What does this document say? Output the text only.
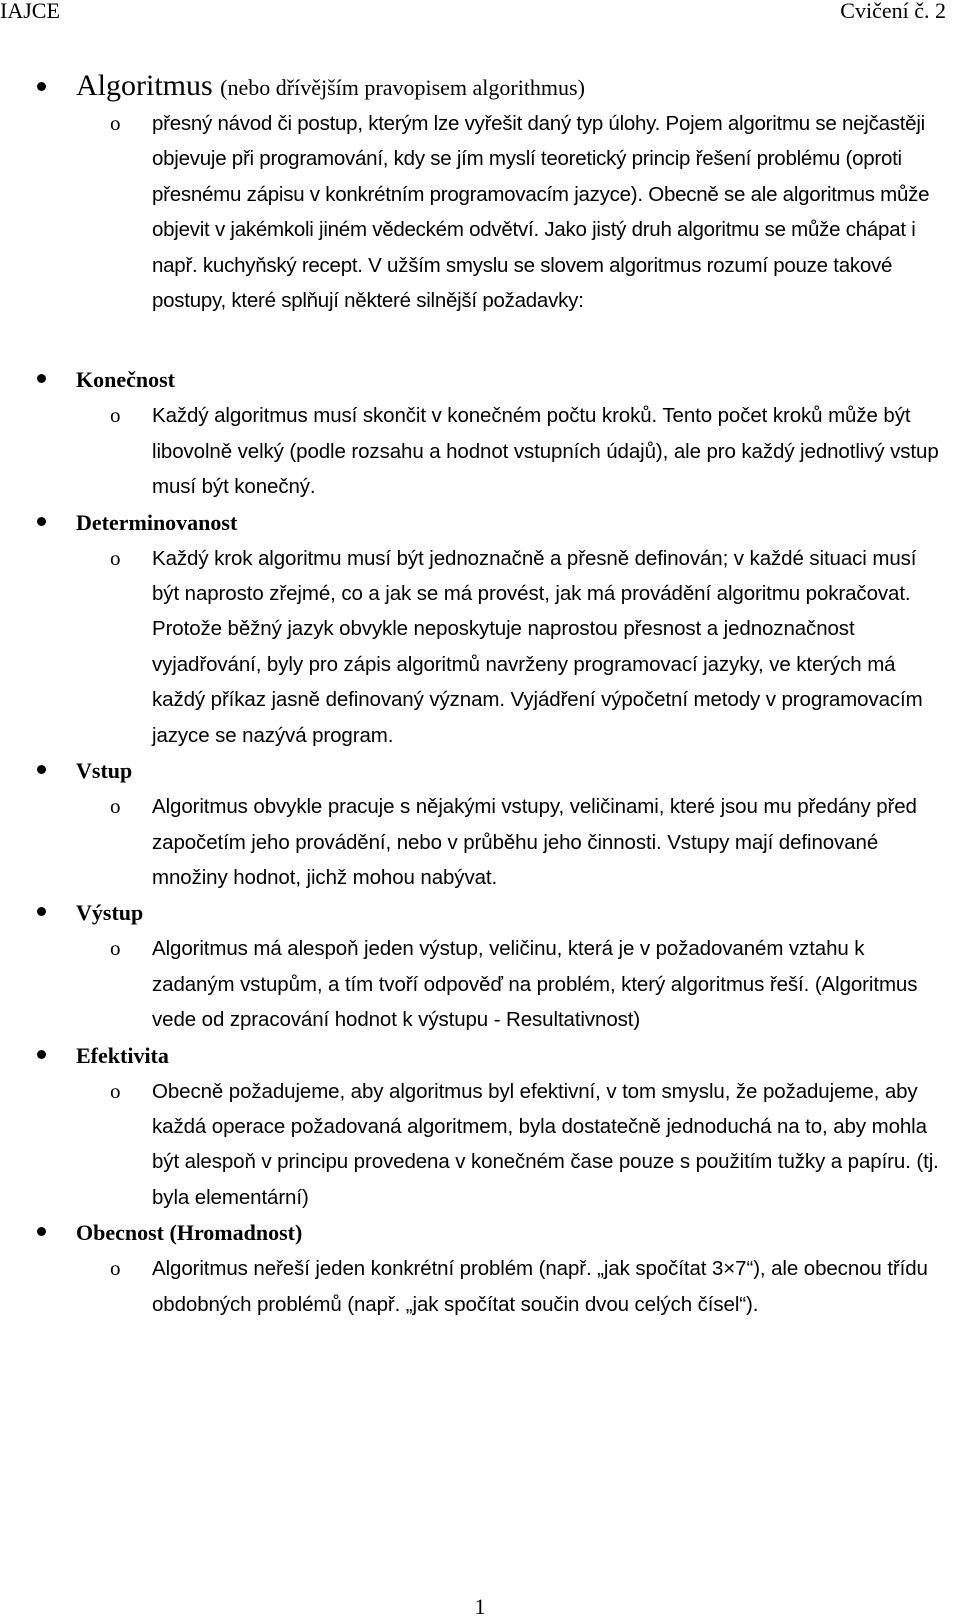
IAJCE	Cvičení č. 2
Algoritmus (nebo dřívějším pravopisem algorithmus)
o přesný návod či postup, kterým lze vyřešit daný typ úlohy. Pojem algoritmu se nejčastěji objevuje při programování, kdy se jím myslí teoretický princip řešení problému (oproti přesnému zápisu v konkrétním programovacím jazyce). Obecně se ale algoritmus může objevit v jakémkoli jiném vědeckém odvětví. Jako jistý druh algoritmu se může chápat i např. kuchyňský recept. V užším smyslu se slovem algoritmus rozumí pouze takové postupy, které splňují některé silnější požadavky:
Konečnost
o Každý algoritmus musí skončit v konečném počtu kroků. Tento počet kroků může být libovolně velký (podle rozsahu a hodnot vstupních údajů), ale pro každý jednotlivý vstup musí být konečný.
Determinovanost
o Každý krok algoritmu musí být jednoznačně a přesně definován; v každé situaci musí být naprosto zřejmé, co a jak se má provést, jak má provádění algoritmu pokračovat. Protože běžný jazyk obvykle neposkytuje naprostou přesnost a jednoznačnost vyjadřování, byly pro zápis algoritmů navrženy programovací jazyky, ve kterých má každý příkaz jasně definovaný význam. Vyjádření výpočetní metody v programovacím jazyce se nazývá program.
Vstup
o Algoritmus obvykle pracuje s nějakými vstupy, veličinami, které jsou mu předány před započetím jeho provádění, nebo v průběhu jeho činnosti. Vstupy mají definované množiny hodnot, jichž mohou nabývat.
Výstup
o Algoritmus má alespoň jeden výstup, veličinu, která je v požadovaném vztahu k zadaným vstupům, a tím tvoří odpověď na problém, který algoritmus řeší. (Algoritmus vede od zpracování hodnot k výstupu - Resultativnost)
Efektivita
o Obecně požadujeme, aby algoritmus byl efektivní, v tom smyslu, že požadujeme, aby každá operace požadovaná algoritmem, byla dostatečně jednoduchá na to, aby mohla být alespoň v principu provedena v konečném čase pouze s použitím tužky a papíru. (tj. byla elementární)
Obecnost (Hromadnost)
o Algoritmus neřeší jeden konkrétní problém (např. „jak spočítat 3×7“), ale obecnou třídu obdobných problémů (např. „jak spočítat součin dvou celých čísel“).
1
